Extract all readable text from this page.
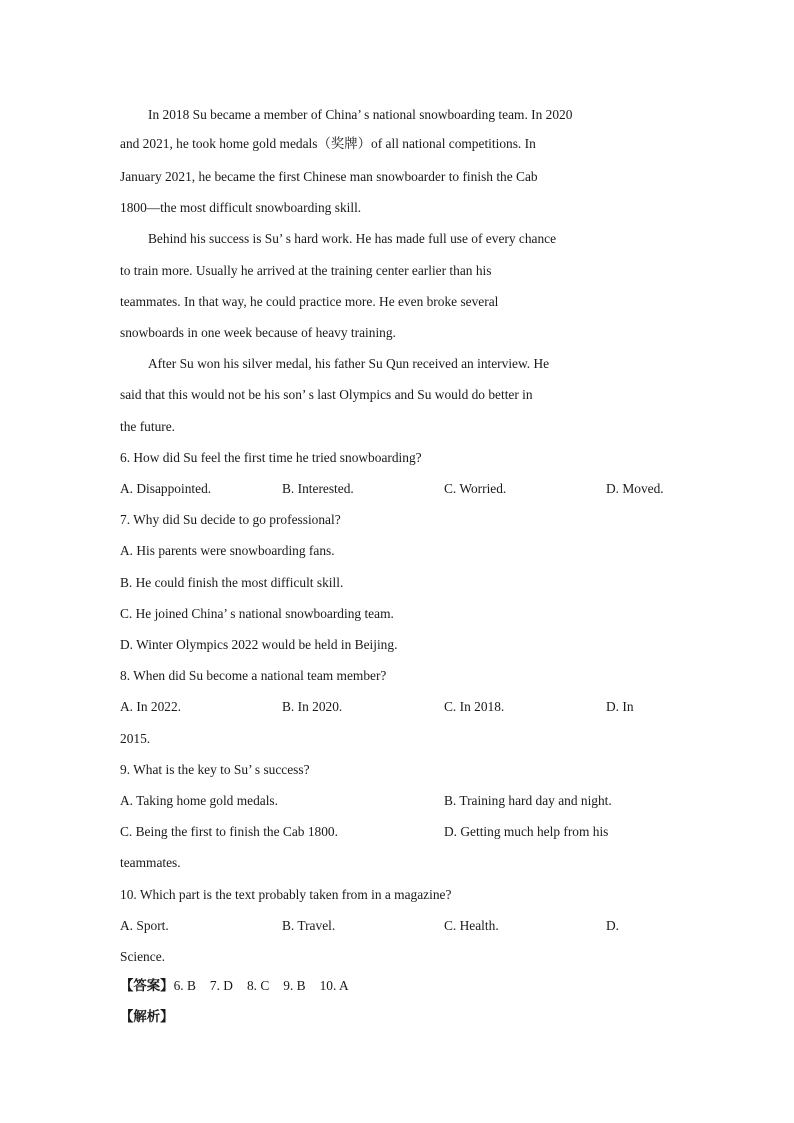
In 2018 Su became a member of China’ s national snowboarding team. In 2020
and 2021, he took home gold medals（奖牌）of all national competitions. In
January 2021, he became the first Chinese man snowboarder to finish the Cab
1800—the most difficult snowboarding skill.
Behind his success is Su’ s hard work. He has made full use of every chance
to train more. Usually he arrived at the training center earlier than his
teammates. In that way, he could practice more. He even broke several
snowboards in one week because of heavy training.
After Su won his silver medal, his father Su Qun received an interview. He
said that this would not be his son’ s last Olympics and Su would do better in
the future.
6. How did Su feel the first time he tried snowboarding?
A. Disappointed.	B. Interested.	C. Worried.	D. Moved.
7. Why did Su decide to go professional?
A. His parents were snowboarding fans.
B. He could finish the most difficult skill.
C. He joined China’ s national snowboarding team.
D. Winter Olympics 2022 would be held in Beijing.
8. When did Su become a national team member?
A. In 2022.	B. In 2020.	C. In 2018.	D. In
2015.
9. What is the key to Su’ s success?
A. Taking home gold medals.	B. Training hard day and night.
C. Being the first to finish the Cab 1800.	D. Getting much help from his
teammates.
10. Which part is the text probably taken from in a magazine?
A. Sport.	B. Travel.	C. Health.	D.
Science.
【答案】6. B 7. D 8. C 9. B 10. A
【解析】
